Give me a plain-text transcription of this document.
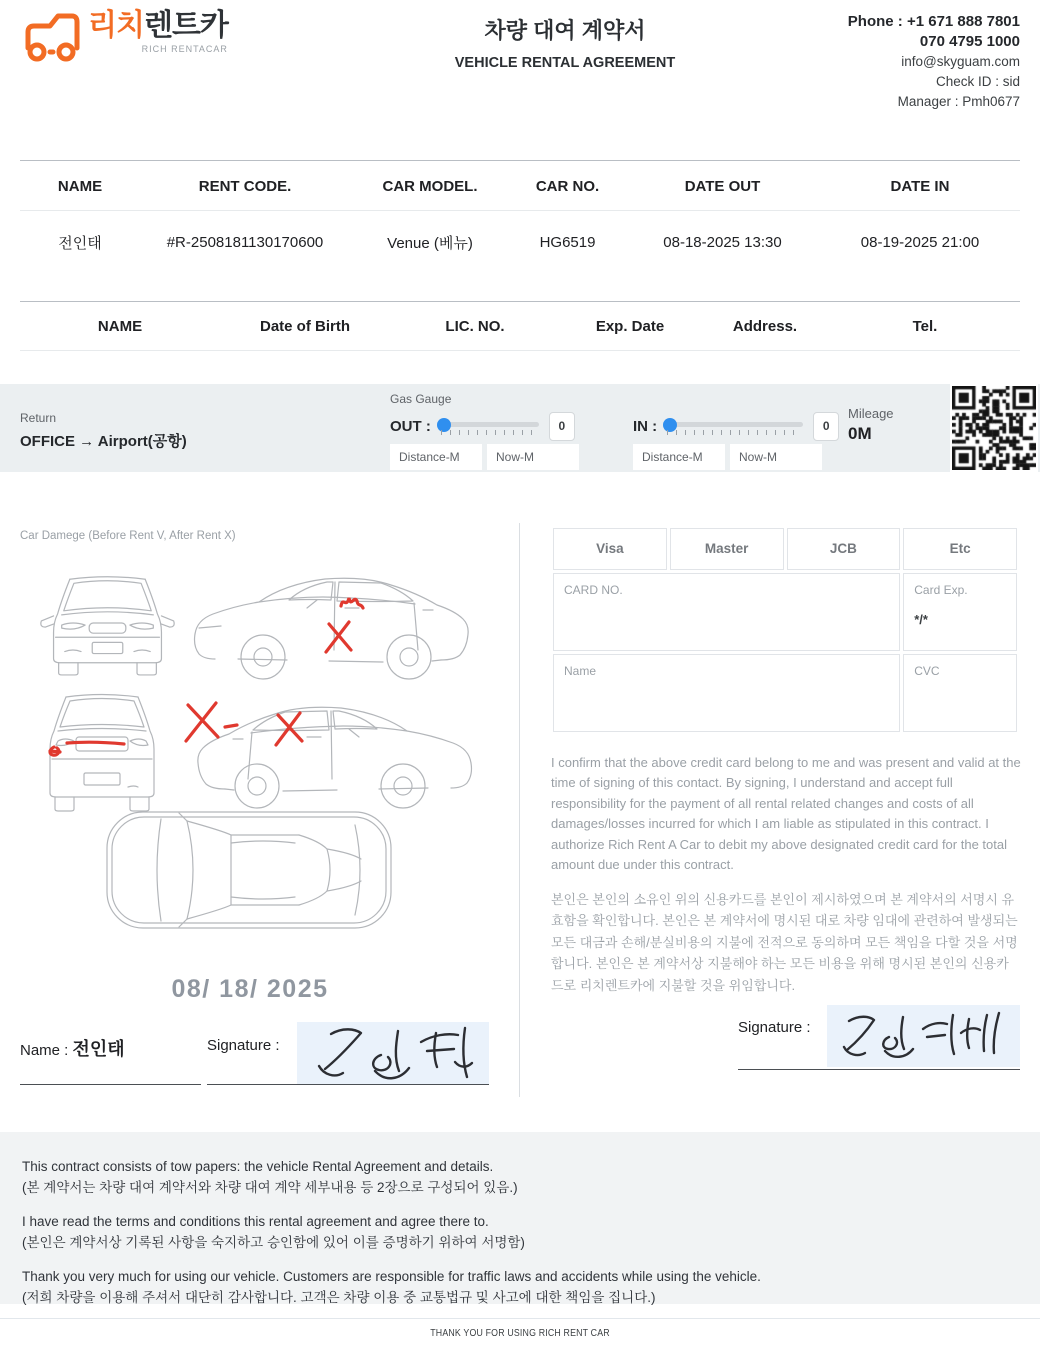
리치렌트카
RICH RENTACAR
차량 대여 계약서
VEHICLE RENTAL AGREEMENT
Phone : +1 671 888 7801
070 4795 1000
info@skyguam.com
Check ID : sid
Manager : Pmh0677
NAME	RENT CODE.	CAR MODEL.	CAR NO.	DATE OUT	DATE IN
전인태	#R-2508181130170600	Venue (베뉴)	HG6519	08-18-2025 13:30	08-19-2025 21:00
NAME	Date of Birth	LIC. NO.	Exp. Date	Address.	Tel.

Return
OFFICE → Airport(공항)
Gas Gauge
OUT :	0
Distance-M	Now-M
IN :	0
Distance-M	Now-M
Mileage
0M
Car Damege (Before Rent V, After Rent X)
08/ 18/ 2025
Name : 전인태	Signature :
Visa	Master	JCB	Etc
CARD NO.			Card Exp.
*/*

Name			CVC
I confirm that the above credit card belong to me and was present and valid at the time of signing of this contact. By signing, I understand and accept full responsibility for the payment of all rental related changes and costs of all damages/losses incurred for which I am liable as stipulated in this contract. I authorize Rich Rent A Car to debit my above designated credit card for the total amount due under this contract.
본인은 본인의 소유인 위의 신용카드를 본인이 제시하였으며 본 계약서의 서명시 유효함을 확인합니다. 본인은 본 계약서에 명시된 대로 차량 임대에 관련하여 발생되는 모든 대금과 손해/분실비용의 지불에 전적으로 동의하며 모든 책임을 다할 것을 서명합니다. 본인은 본 계약서상 지불해야 하는 모든 비용을 위해 명시된 본인의 신용카드로 리치렌트카에 지불할 것을 위임합니다.
Signature :
This contract consists of tow papers: the vehicle Rental Agreement and details.
(본 계약서는 차량 대여 계약서와 차량 대여 계약 세부내용 등 2장으로 구성되어 있음.)
I have read the terms and conditions this rental agreement and agree there to.
(본인은 계약서상 기록된 사항을 숙지하고 승인함에 있어 이를 증명하기 위하여 서명함)
Thank you very much for using our vehicle. Customers are responsible for traffic laws and accidents while using the vehicle.
(저희 차량을 이용해 주셔서 대단히 감사합니다. 고객은 차량 이용 중 교통법규 및 사고에 대한 책임을 집니다.)
THANK YOU FOR USING RICH RENT CAR
